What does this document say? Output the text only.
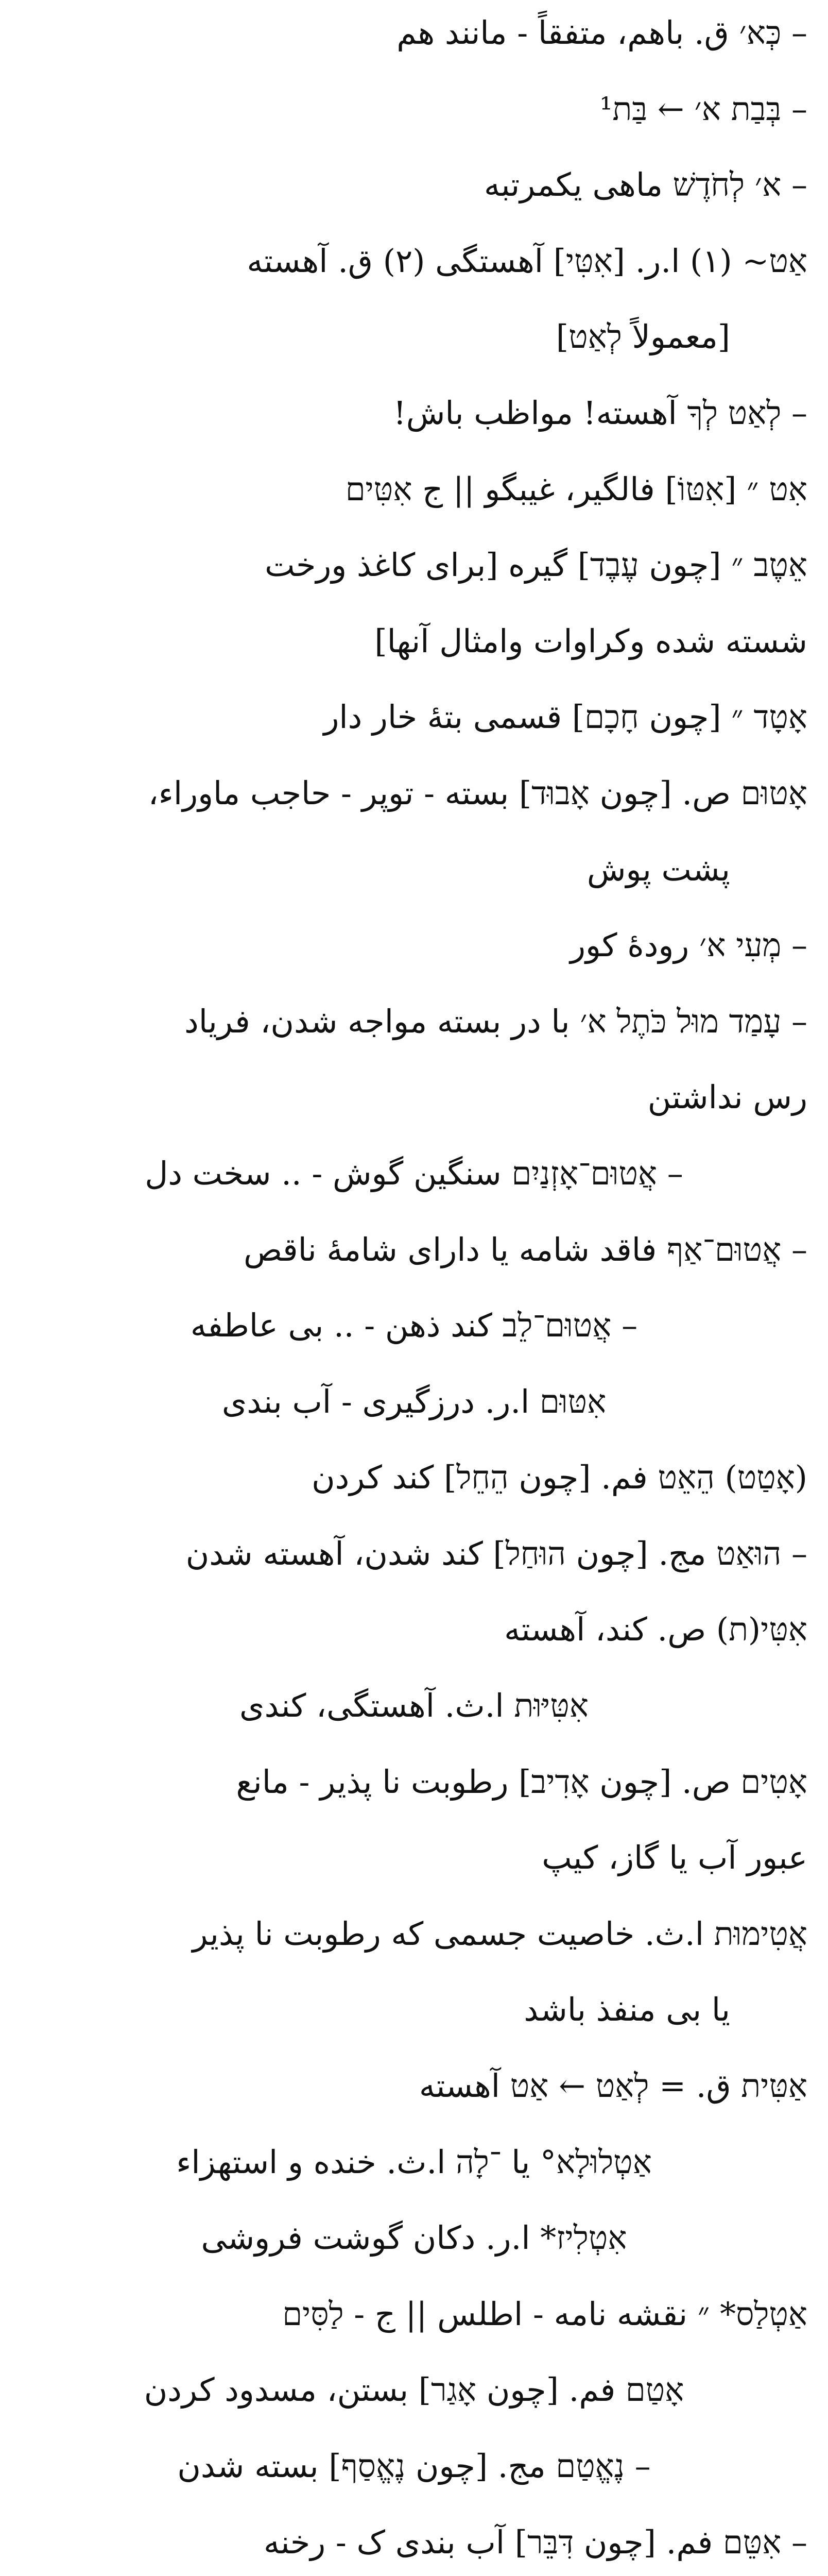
– כְּא׳ ق. باهم، متفقاً - مانند هم
– בְּבַת א׳ ← בַּת¹
– א׳ לְחֹדֶשׁ ماهی یکمرتبه
אַט~ (۱) ا.ر. [אִטִּי] آهستگی (۲) ق. آهسته
[معمولاً לְאַט]
– לְאַט לְךָ آهسته! مواظب باش!
אִט ״ [אִטּוֹ] فالگیر، غیبگو || ج אִטִּים
אֵטֶב ״ [چون עֶבֶד] گیره [برای کاغذ ورخت
شسته شده وکراوات وامثال آنها]
אָטָד ״ [چون חָכָם] قسمی بتهٔ خار دار
אָטוּם ص. [چون אָבוּד] بسته - توپر - حاجب ماوراء،
پشت پوش
– מְעִי א׳ رودهٔ کور
– עָמַד מוּל כֹּתֶל א׳ با در بسته مواجه شدن، فریاد
رس نداشتن
– אֲטוּם־אָזְנַיִם سنگین گوش - .. سخت دل
– אֲטוּם־אַף فاقد شامه یا دارای شامهٔ ناقص
– אֲטוּם־לֵב کند ذهن - .. بی عاطفه
אִטּוּם ا.ر. درزگیری - آب بندی
(אָטַט) הֵאֵט فم. [چون הֵחֵל] کند کردن
– הוּאַט مج. [چون הוּחַל] کند شدن، آهسته شدن
אִטִּי(ת) ص. کند، آهسته
אִטִּיּוּת ا.ث. آهستگی، کندی
אָטִים ص. [چون אָדִיב] رطوبت نا پذیر - مانع
عبور آب یا گاز، کیپ
אֲטִימוּת ا.ث. خاصیت جسمی که رطوبت نا پذیر
یا بی منفذ باشد
אַטִּית ق. = לְאַט ← אַט آهسته
אַטְלוּלָא° یا ־לָה ا.ث. خنده و استهزاء
אִטְלִיז* ا.ر. دکان گوشت فروشی
אַטְלַס* ״ نقشه نامه - اطلس || ج - לַסִּים
אָטַם فم. [چون אָגַר] بستن، مسدود کردن
– נֶאֱטַם مج. [چون נֶאֱסַף] بسته شدن
– אִטֵּם فم. [چون דִּבֵּר] آب بندی ک - رخنه
